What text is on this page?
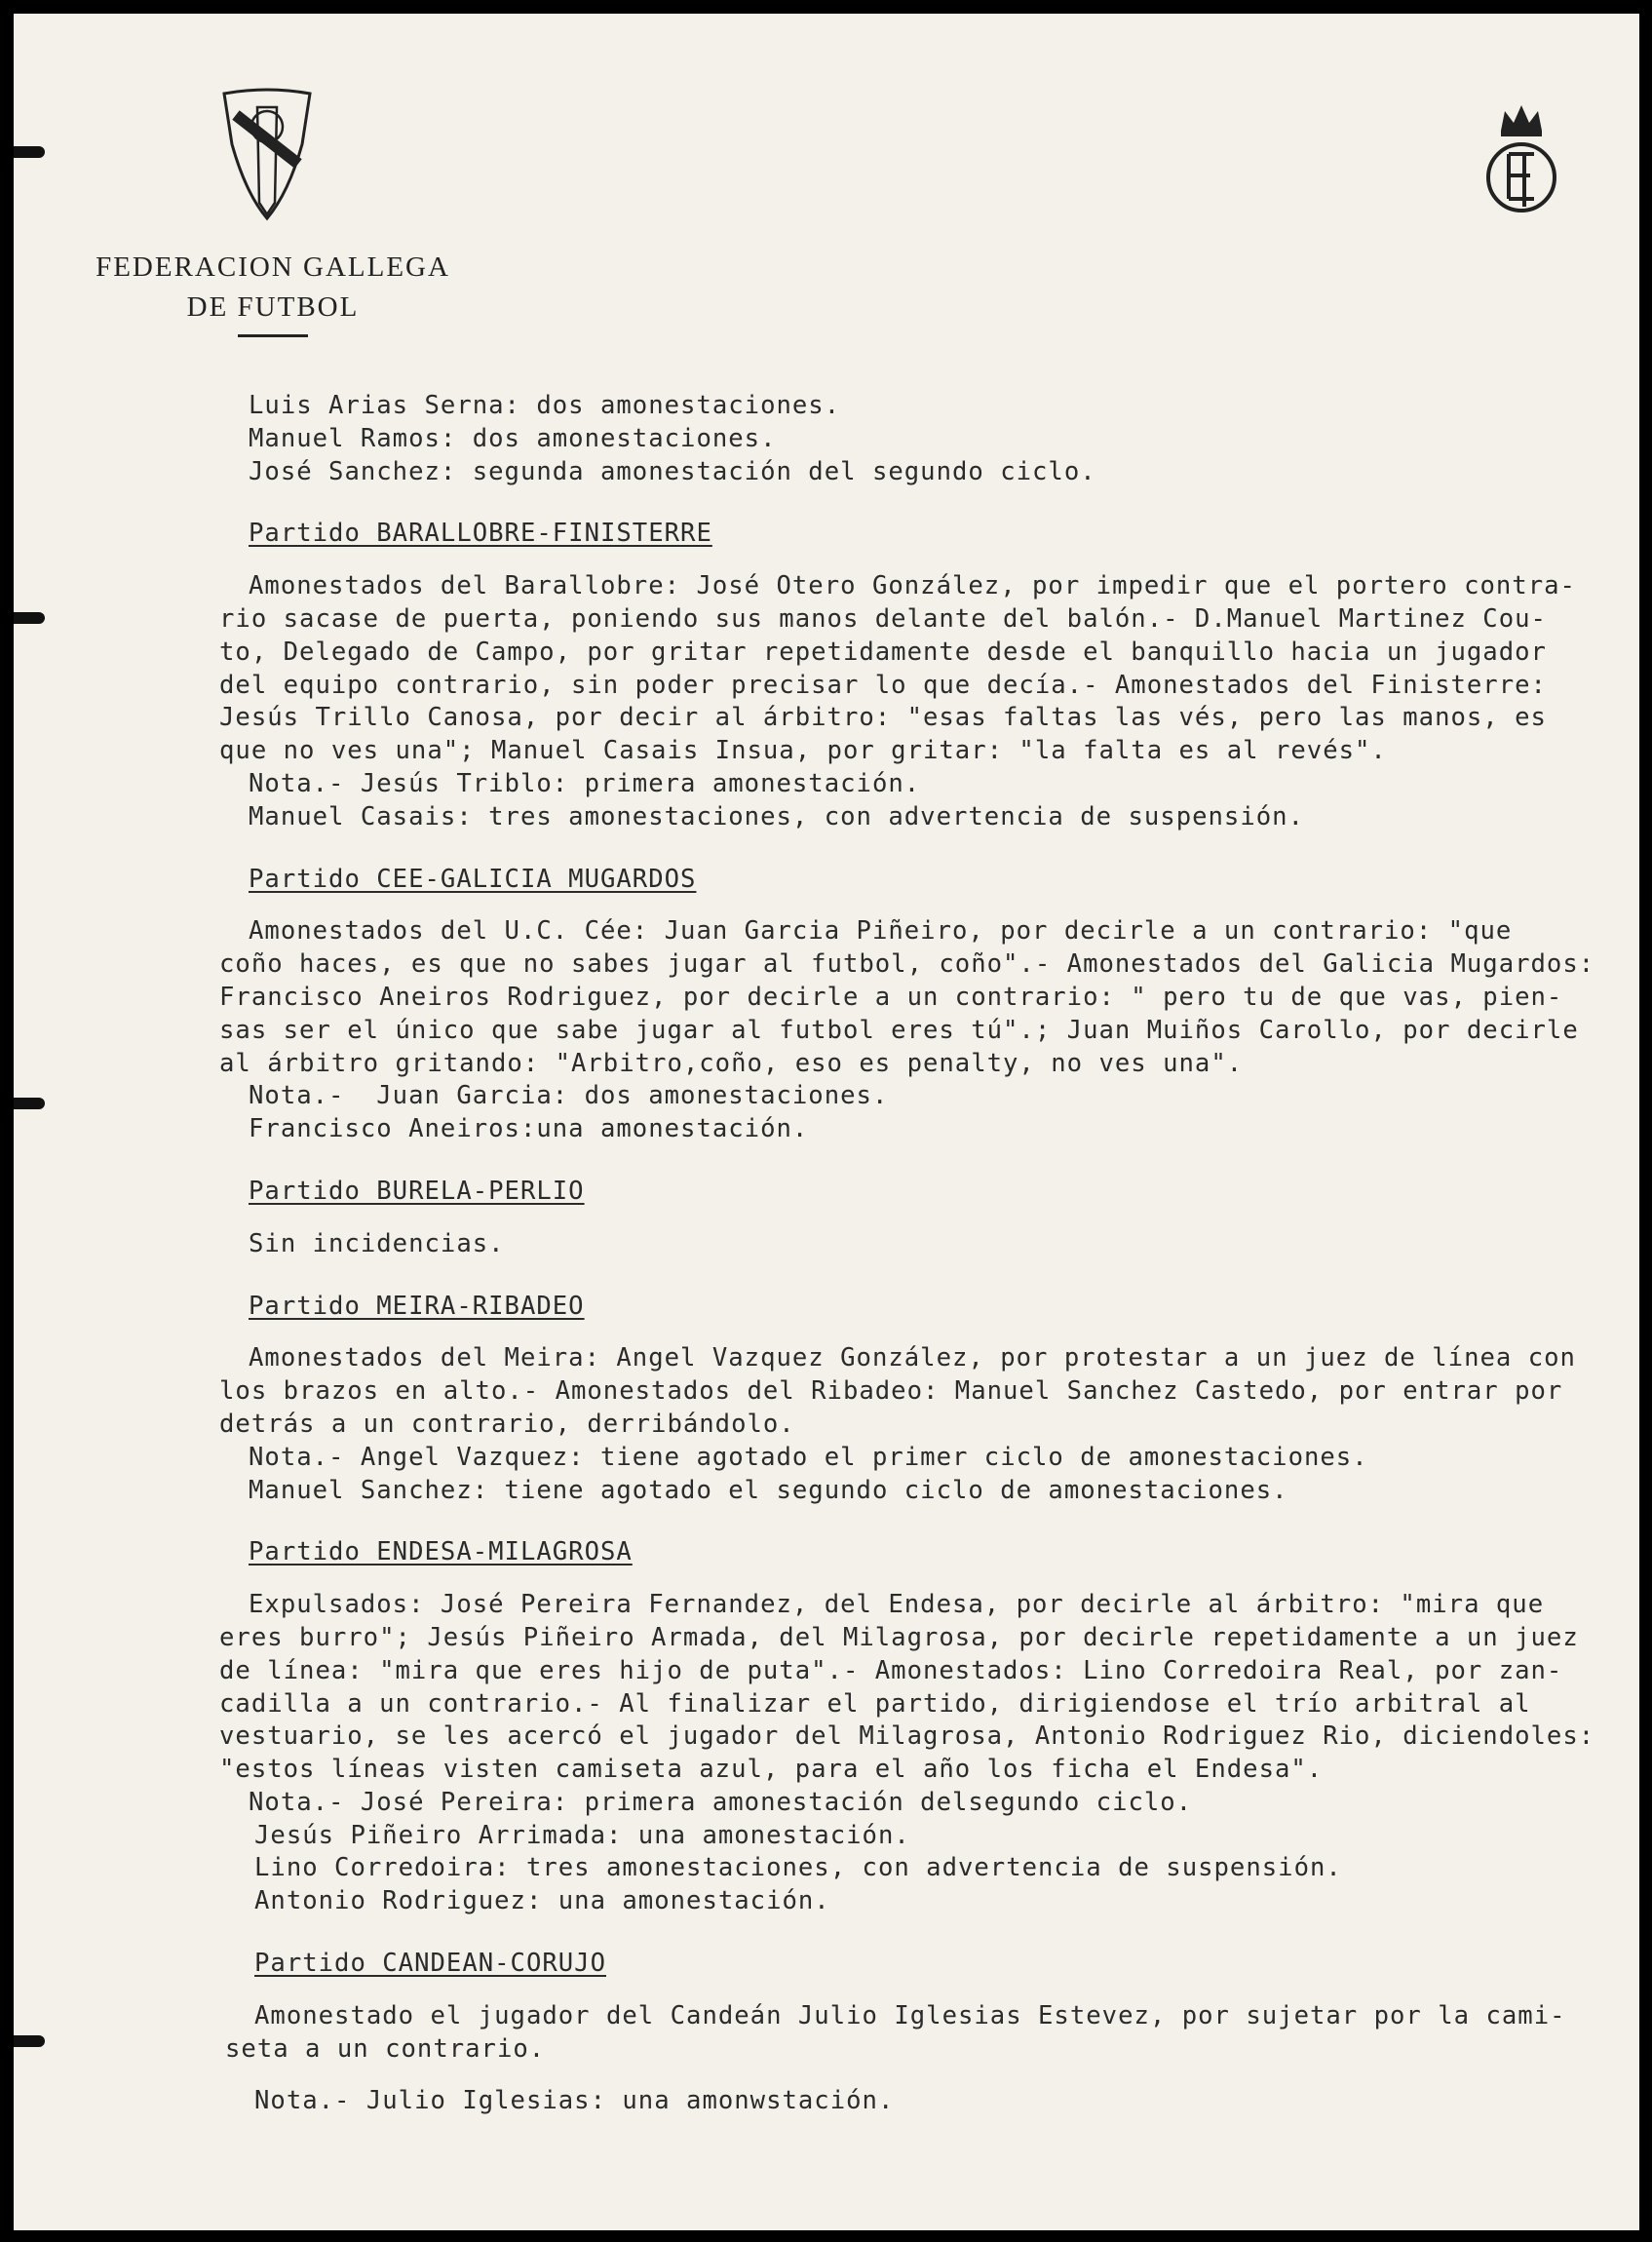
FEDERACION GALLEGA
DE FUTBOL
Luis Arias Serna: dos amonestaciones.
Manuel Ramos: dos amonestaciones.
José Sanchez: segunda amonestación del segundo ciclo.
Partido BARALLOBRE-FINISTERRE
Amonestados del Barallobre: José Otero González, por impedir que el portero contra-
rio sacase de puerta, poniendo sus manos delante del balón.- D.Manuel Martinez Cou-
to, Delegado de Campo, por gritar repetidamente desde el banquillo hacia un jugador
del equipo contrario, sin poder precisar lo que decía.- Amonestados del Finisterre:
Jesús Trillo Canosa, por decir al árbitro: "esas faltas las vés, pero las manos, es
que no ves una"; Manuel Casais Insua, por gritar: "la falta es al revés".
Nota.- Jesús Triblo: primera amonestación.
Manuel Casais: tres amonestaciones, con advertencia de suspensión.
Partido CEE-GALICIA MUGARDOS
Amonestados del U.C. Cée: Juan Garcia Piñeiro, por decirle a un contrario: "que
coño haces, es que no sabes jugar al futbol, coño".- Amonestados del Galicia Mugardos:
Francisco Aneiros Rodriguez, por decirle a un contrario: " pero tu de que vas, pien-
sas ser el único que sabe jugar al futbol eres tú".; Juan Muiños Carollo, por decirle
al árbitro gritando: "Arbitro,coño, eso es penalty, no ves una".
Nota.-  Juan Garcia: dos amonestaciones.
Francisco Aneiros:una amonestación.
Partido BURELA-PERLIO
Sin incidencias.
Partido MEIRA-RIBADEO
Amonestados del Meira: Angel Vazquez González, por protestar a un juez de línea con
los brazos en alto.- Amonestados del Ribadeo: Manuel Sanchez Castedo, por entrar por
detrás a un contrario, derribándolo.
Nota.- Angel Vazquez: tiene agotado el primer ciclo de amonestaciones.
Manuel Sanchez: tiene agotado el segundo ciclo de amonestaciones.
Partido ENDESA-MILAGROSA
Expulsados: José Pereira Fernandez, del Endesa, por decirle al árbitro: "mira que
eres burro"; Jesús Piñeiro Armada, del Milagrosa, por decirle repetidamente a un juez
de línea: "mira que eres hijo de puta".- Amonestados: Lino Corredoira Real, por zan-
cadilla a un contrario.- Al finalizar el partido, dirigiendose el trío arbitral al
vestuario, se les acercó el jugador del Milagrosa, Antonio Rodriguez Rio, diciendoles:
"estos líneas visten camiseta azul, para el año los ficha el Endesa".
Nota.- José Pereira: primera amonestación delsegundo ciclo.
Jesús Piñeiro Arrimada: una amonestación.
Lino Corredoira: tres amonestaciones, con advertencia de suspensión.
Antonio Rodriguez: una amonestación.
Partido CANDEAN-CORUJO
Amonestado el jugador del Candeán Julio Iglesias Estevez, por sujetar por la cami-
seta a un contrario.
Nota.- Julio Iglesias: una amonwstación.
